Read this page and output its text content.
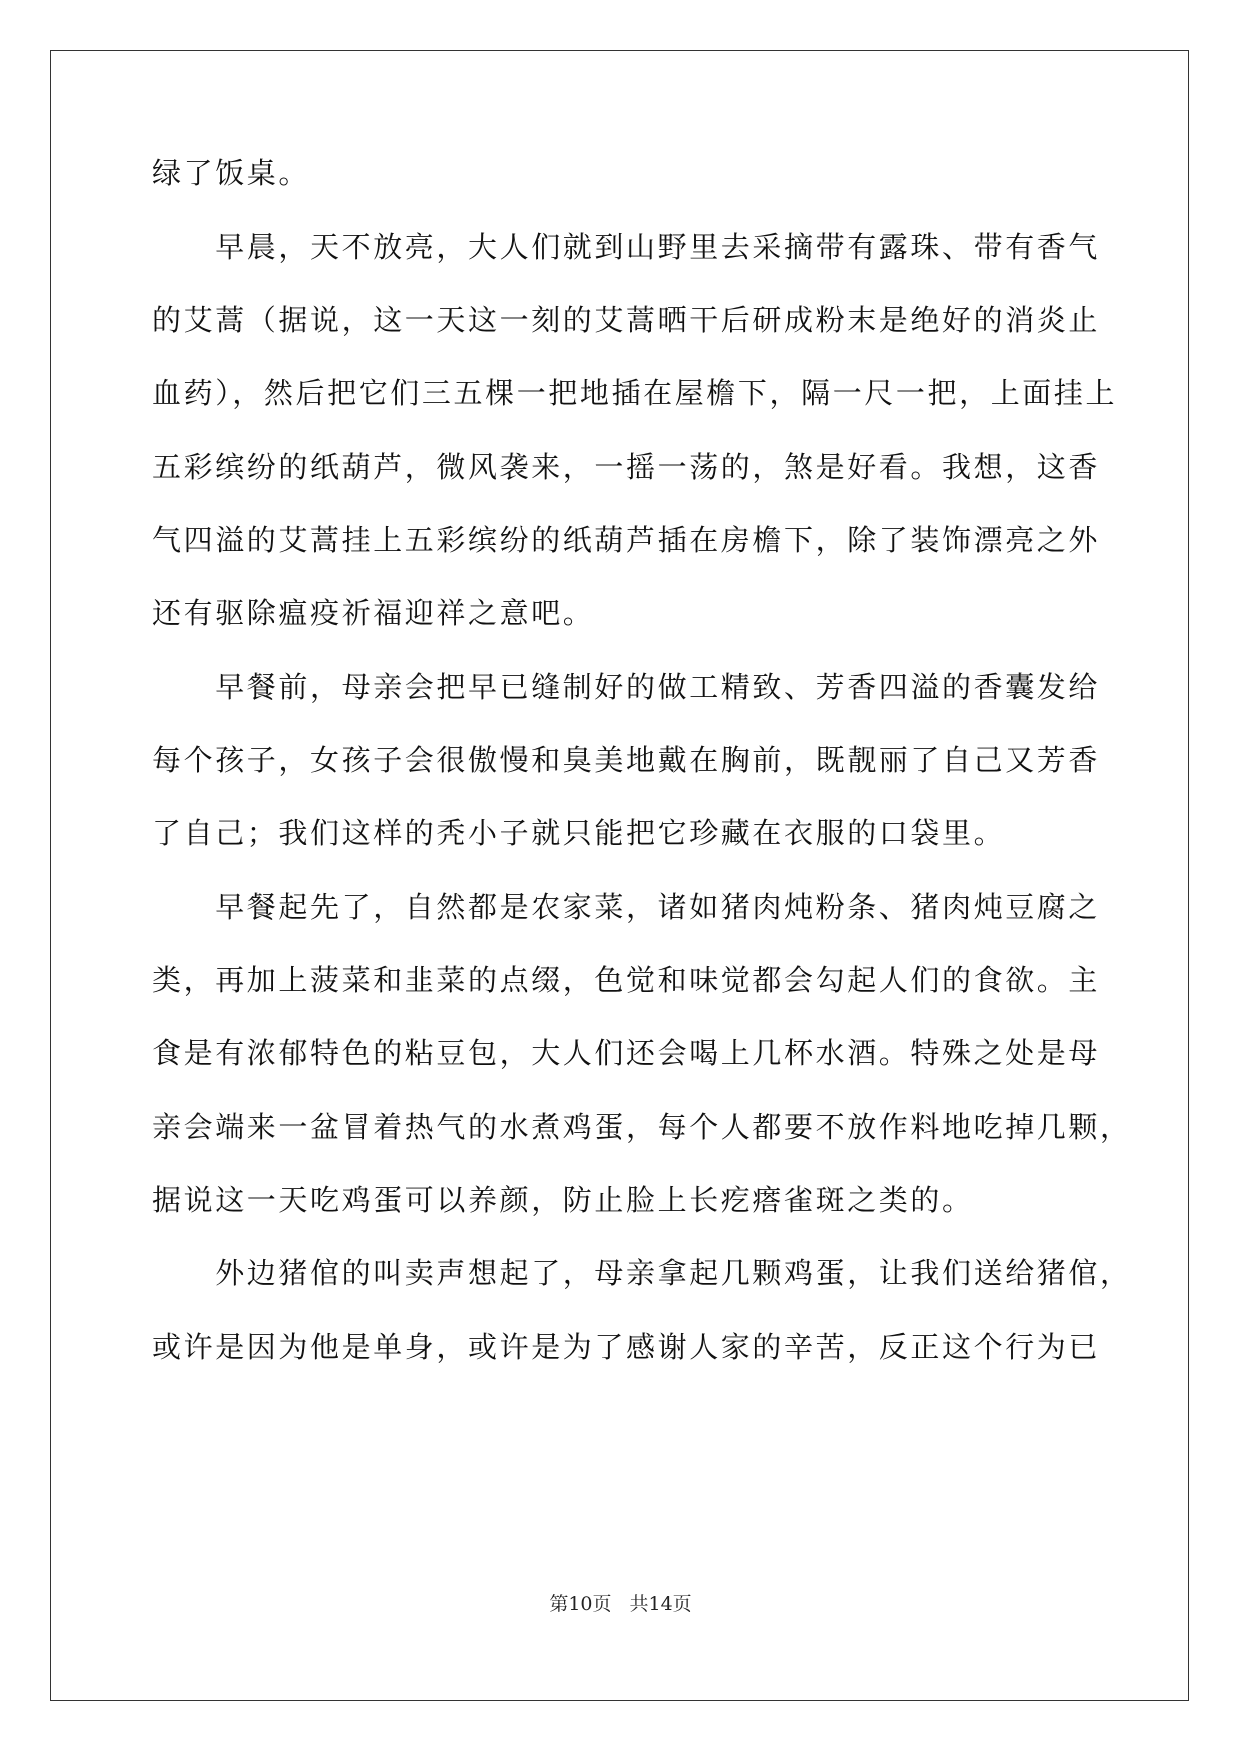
绿了饭桌。
　　早晨，天不放亮，大人们就到山野里去采摘带有露珠、带有香气
的艾蒿（据说，这一天这一刻的艾蒿晒干后研成粉末是绝好的消炎止
血药），然后把它们三五棵一把地插在屋檐下，隔一尺一把，上面挂上
五彩缤纷的纸葫芦，微风袭来，一摇一荡的，煞是好看。我想，这香
气四溢的艾蒿挂上五彩缤纷的纸葫芦插在房檐下，除了装饰漂亮之外
还有驱除瘟疫祈福迎祥之意吧。
　　早餐前，母亲会把早已缝制好的做工精致、芳香四溢的香囊发给
每个孩子，女孩子会很傲慢和臭美地戴在胸前，既靓丽了自己又芳香
了自己；我们这样的秃小子就只能把它珍藏在衣服的口袋里。
　　早餐起先了，自然都是农家菜，诸如猪肉炖粉条、猪肉炖豆腐之
类，再加上菠菜和韭菜的点缀，色觉和味觉都会勾起人们的食欲。主
食是有浓郁特色的粘豆包，大人们还会喝上几杯水酒。特殊之处是母
亲会端来一盆冒着热气的水煮鸡蛋，每个人都要不放作料地吃掉几颗，
据说这一天吃鸡蛋可以养颜，防止脸上长疙瘩雀斑之类的。
　　外边猪倌的叫卖声想起了，母亲拿起几颗鸡蛋，让我们送给猪倌，
或许是因为他是单身，或许是为了感谢人家的辛苦，反正这个行为已
第10页 共14页
